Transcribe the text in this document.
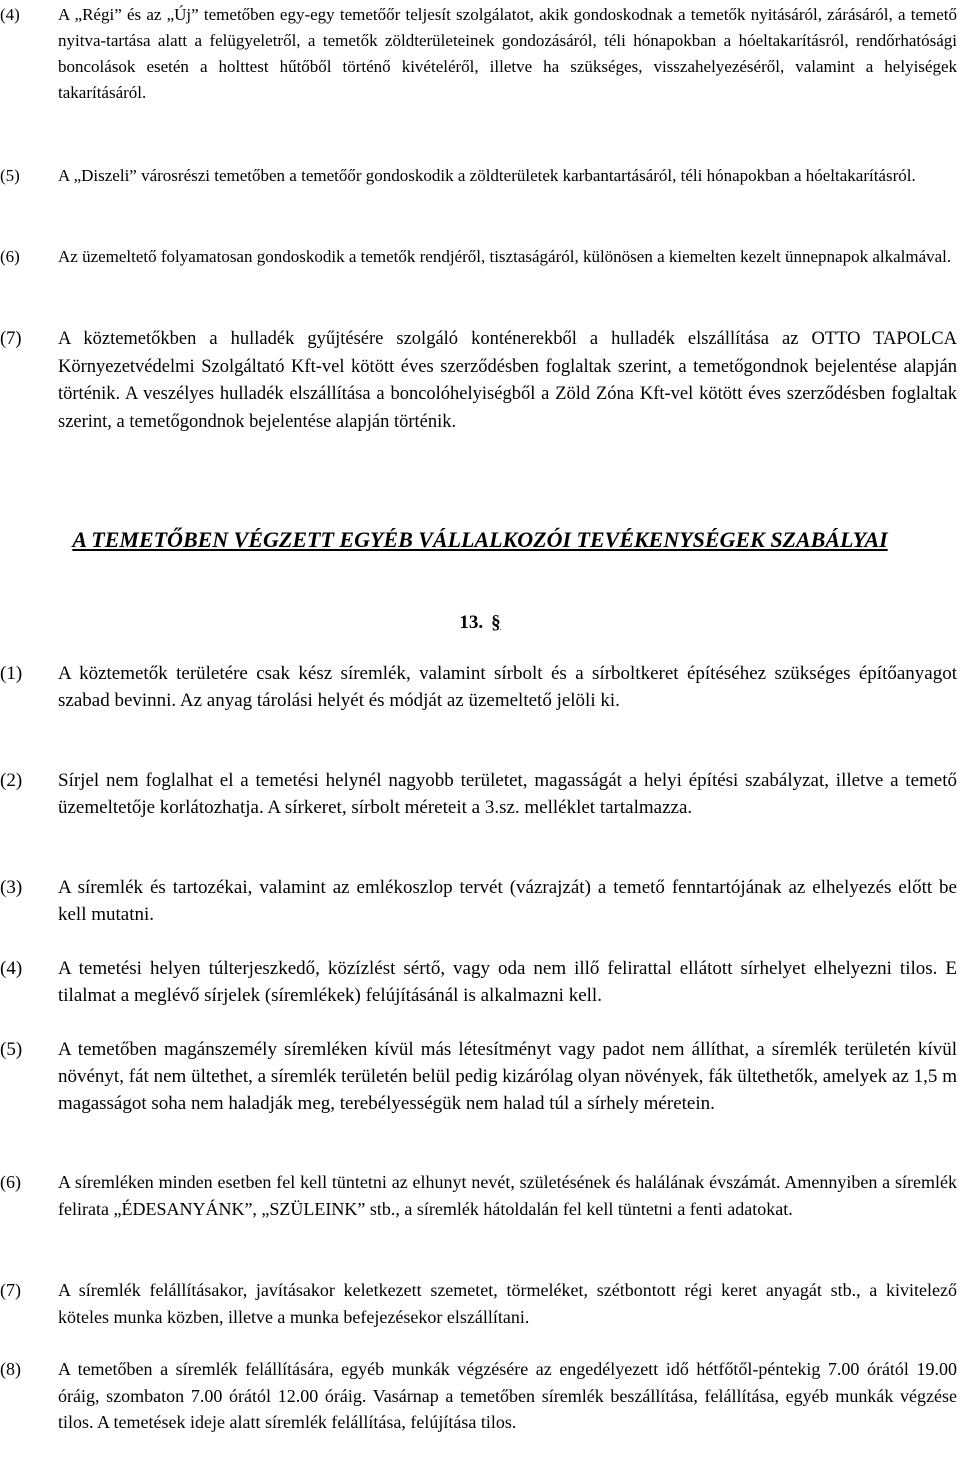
(4)	A „Régi” és az „Új” temetőben egy-egy temetőőr teljesít szolgálatot, akik gondoskodnak a temetők nyitásáról, zárásáról, a temető nyitva-tartása alatt a felügyeletről, a temetők zöldterületeinek gondozásáról, téli hónapokban a hóeltakarításról, rendőrhatósági boncolások esetén a holttest hűtőből történő kivételéről, illetve ha szükséges, visszahelyezéséről, valamint a helyiségek takarításáról.
(5)	A „Diszeli” városrészi temetőben a temetőőr gondoskodik a zöldterületek karbantartásáról, téli hónapokban a hóeltakarításról.
(6)	Az üzemeltető folyamatosan gondoskodik a temetők rendjéről, tisztaságáról, különösen a kiemelten kezelt ünnepnapok alkalmával.
(7)	A köztemetőkben a hulladék gyűjtésére szolgáló konténerekből a hulladék elszállítása az OTTO TAPOLCA Környezetvédelmi Szolgáltató Kft-vel kötött éves szerződésben foglaltak szerint, a temetőgondnok bejelentése alapján történik. A veszélyes hulladék elszállítása a boncolóhelyiségből a Zöld Zóna Kft-vel kötött éves szerződésben foglaltak szerint, a temetőgondnok bejelentése alapján történik.
A TEMETŐBEN VÉGZETT EGYÉB VÁLLALKOZÓI TEVÉKENYSÉGEK SZABÁLYAI
13. §
(1)	A köztemetők területére csak kész síremlék, valamint sírbolt és a sírboltkeret építéséhez szükséges építőanyagot szabad bevinni. Az anyag tárolási helyét és módját az üzemeltető jelöli ki.
(2)	Sírjel nem foglalhat el a temetési helynél nagyobb területet, magasságát a helyi építési szabályzat, illetve a temető üzemeltetője korlátozhatja. A sírkeret, sírbolt méreteit a 3.sz. melléklet tartalmazza.
(3)	A síremlék és tartozékai, valamint az emlékoszlop tervét (vázrajzát) a temető fenntartójának az elhelyezés előtt be kell mutatni.
(4)	A temetési helyen túlterjeszkedő, közízlést sértő, vagy oda nem illő felirattal ellátott sírhelyet elhelyezni tilos. E tilalmat a meglévő sírjelek (síremlékek) felújításánál is alkalmazni kell.
(5)	A temetőben magánszemély síremléken kívül más létesítményt vagy padot nem állíthat, a síremlék területén kívül növényt, fát nem ültethet, a síremlék területén belül pedig kizárólag olyan növények, fák ültethetők, amelyek az 1,5 m magasságot soha nem haladják meg, terebélyességük nem halad túl a sírhely méretein.
(6)	A síremléken minden esetben fel kell tüntetni az elhunyt nevét, születésének és halálának évszámát. Amennyiben a síremlék felirata „ÉDESANYÁNK”, „SZÜLEINK” stb., a síremlék hátoldalán fel kell tüntetni a fenti adatokat.
(7)	A síremlék felállításakor, javításakor keletkezett szemetet, törmeléket, szétbontott régi keret anyagát stb., a kivitelező köteles munka közben, illetve a munka befejezésekor elszállítani.
(8)	A temetőben a síremlék felállítására, egyéb munkák végzésére az engedélyezett idő hétfőtől-péntekig 7.00 órától 19.00 óráig, szombaton 7.00 órától 12.00 óráig. Vasárnap a temetőben síremlék beszállítása, felállítása, egyéb munkák végzése tilos. A temetések ideje alatt síremlék felállítása, felújítása tilos.
